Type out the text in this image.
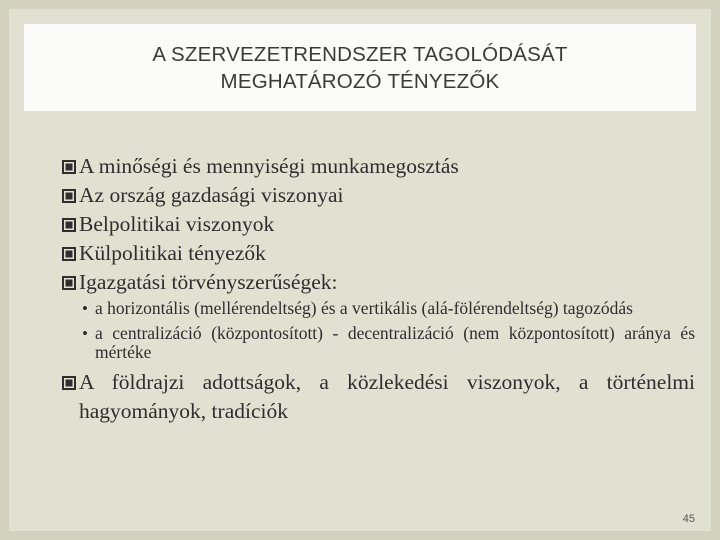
A SZERVEZETRENDSZER TAGOLÓDÁSÁT
MEGHATÁROZÓ TÉNYEZŐK
A minőségi és mennyiségi munkamegosztás
Az ország gazdasági viszonyai
Belpolitikai viszonyok
Külpolitikai tényezők
Igazgatási törvényszerűségek:
• a horizontális (mellérendeltség) és a vertikális (alá-fölérendeltség) tagozódás
• a centralizáció (központosított) - decentralizáció (nem központosított) aránya és mértéke
A földrajzi adottságok, a közlekedési viszonyok, a történelmi hagyományok, tradíciók
45
